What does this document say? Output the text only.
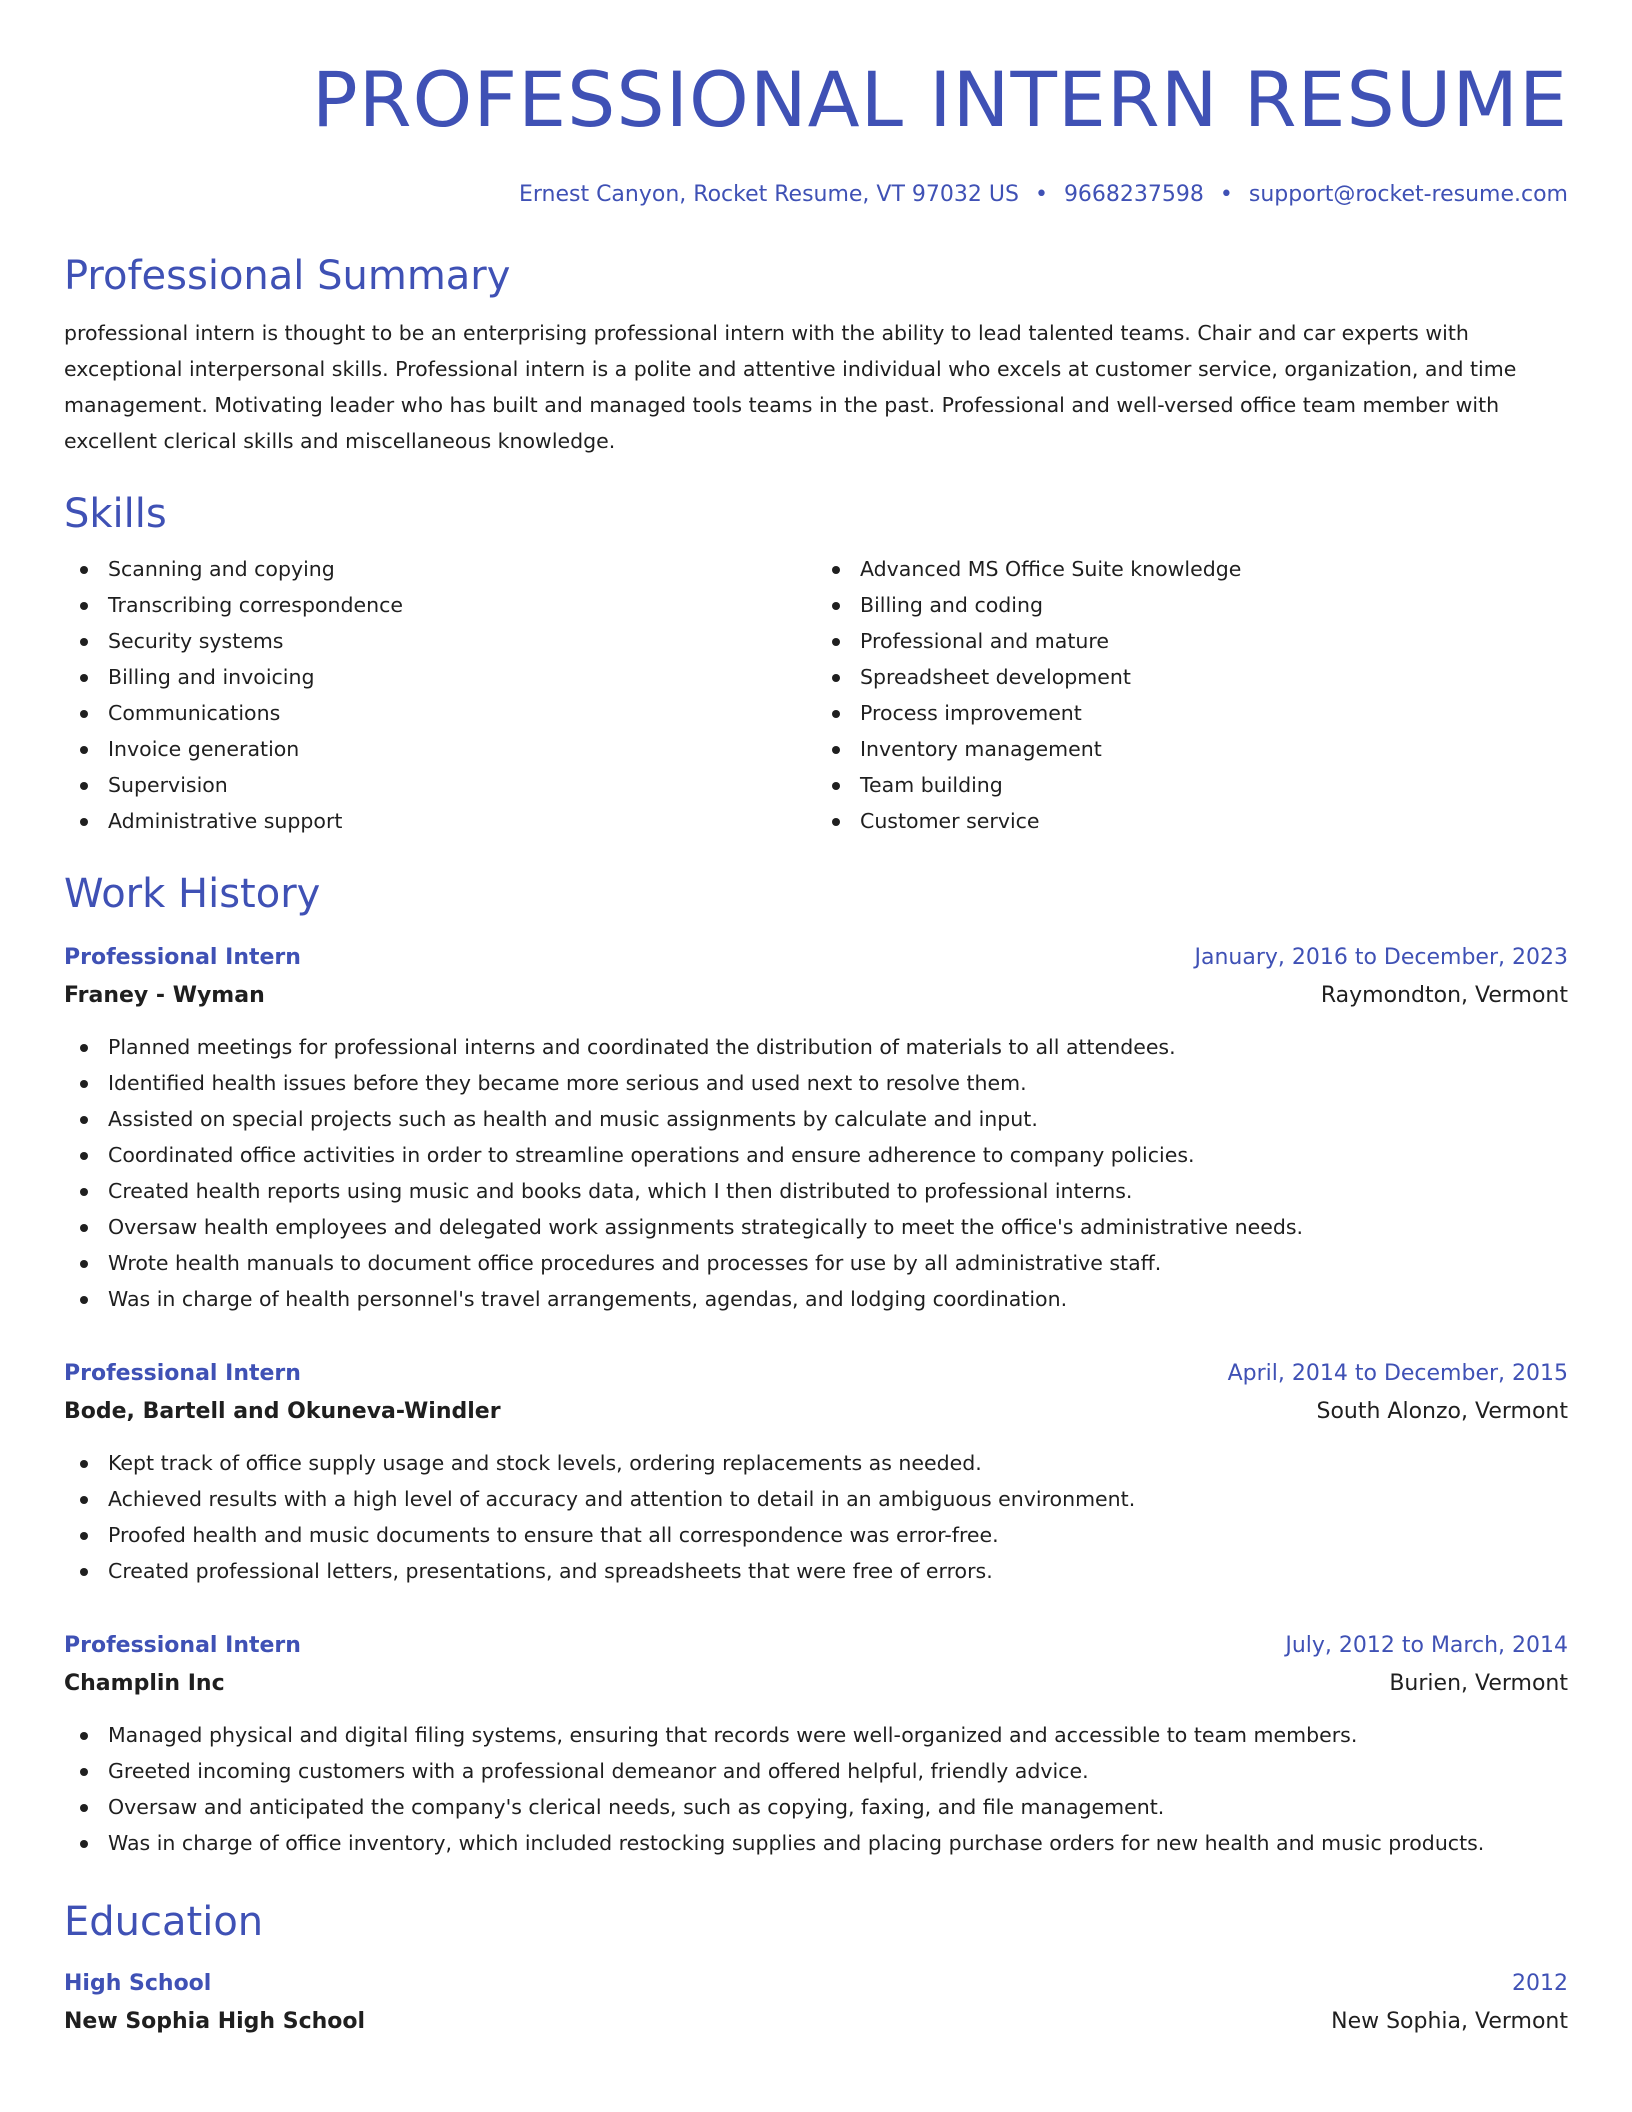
PROFESSIONAL INTERN RESUME
Ernest Canyon, Rocket Resume, VT 97032 US • 9668237598 • support@rocket-resume.com
Professional Summary

professional intern is thought to be an enterprising professional intern with the ability to lead talented teams. Chair and car experts with exceptional interpersonal skills. Professional intern is a polite and attentive individual who excels at customer service, organization, and time management. Motivating leader who has built and managed tools teams in the past. Professional and well-versed office team member with excellent clerical skills and miscellaneous knowledge.

Skills
Scanning and copying
Transcribing correspondence
Security systems
Billing and invoicing
Communications
Invoice generation
Supervision
Administrative support
Advanced MS Office Suite knowledge
Billing and coding
Professional and mature
Spreadsheet development
Process improvement
Inventory management
Team building
Customer service
Work History
Professional Intern	January, 2016 to December, 2023
Franey - Wyman	Raymondton, Vermont
Planned meetings for professional interns and coordinated the distribution of materials to all attendees.
Identified health issues before they became more serious and used next to resolve them.
Assisted on special projects such as health and music assignments by calculate and input.
Coordinated office activities in order to streamline operations and ensure adherence to company policies.
Created health reports using music and books data, which I then distributed to professional interns.
Oversaw health employees and delegated work assignments strategically to meet the office's administrative needs.
Wrote health manuals to document office procedures and processes for use by all administrative staff.
Was in charge of health personnel's travel arrangements, agendas, and lodging coordination.
Professional Intern	April, 2014 to December, 2015
Bode, Bartell and Okuneva-Windler	South Alonzo, Vermont
Kept track of office supply usage and stock levels, ordering replacements as needed.
Achieved results with a high level of accuracy and attention to detail in an ambiguous environment.
Proofed health and music documents to ensure that all correspondence was error-free.
Created professional letters, presentations, and spreadsheets that were free of errors.
Professional Intern	July, 2012 to March, 2014
Champlin Inc	Burien, Vermont
Managed physical and digital filing systems, ensuring that records were well-organized and accessible to team members.
Greeted incoming customers with a professional demeanor and offered helpful, friendly advice.
Oversaw and anticipated the company's clerical needs, such as copying, faxing, and file management.
Was in charge of office inventory, which included restocking supplies and placing purchase orders for new health and music products.
Education
High School	2012
New Sophia High School	New Sophia, Vermont
